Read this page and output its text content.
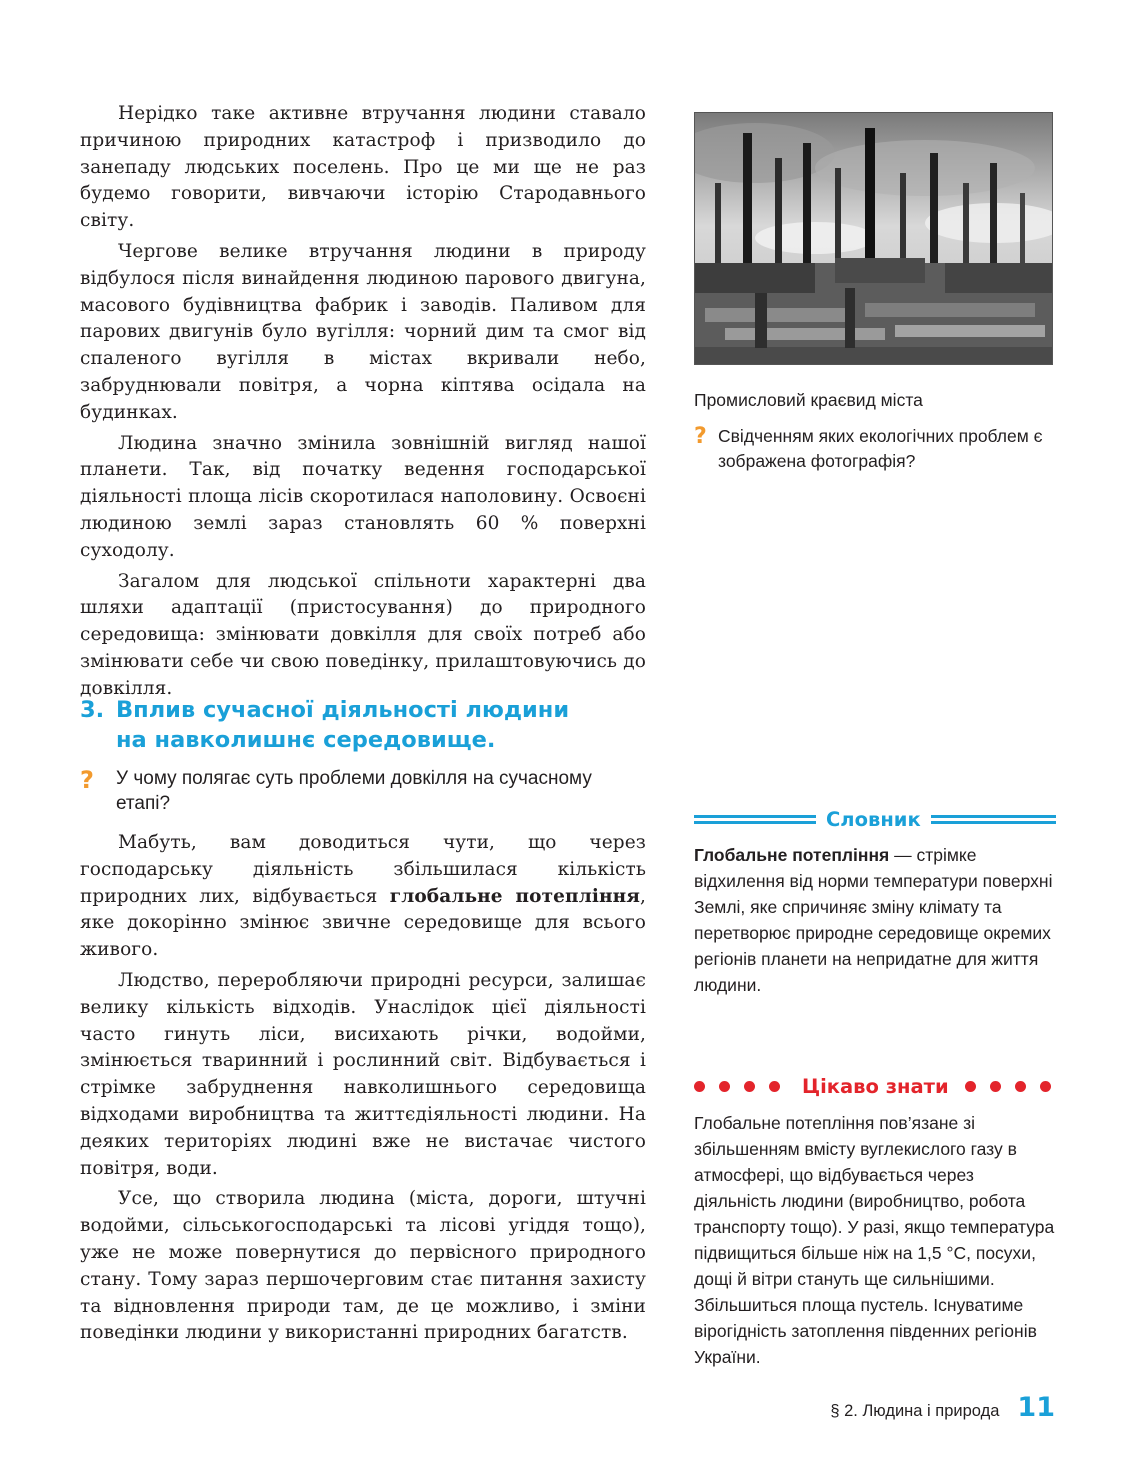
Нерідко таке активне втручання людини ставало причиною природних катастроф і призводило до занепаду людських поселень. Про це ми ще не раз будемо говорити, вивчаючи історію Стародавнього світу.

Чергове велике втручання людини в природу відбулося після винайдення людиною парового двигуна, масового будівництва фабрик і заводів. Паливом для парових двигунів було вугілля: чорний дим та смог від спаленого вугілля в містах вкривали небо, забруднювали повітря, а чорна кіптява осідала на будинках.

Людина значно змінила зовнішній вигляд нашої планети. Так, від початку ведення господарської діяльності площа лісів скоротилася наполовину. Освоєні людиною землі зараз становлять 60 % поверхні суходолу.

Загалом для людської спільноти характерні два шляхи адаптації (пристосування) до природного середовища: змінювати довкілля для своїх потреб або змінювати себе чи свою поведінку, прилаштовуючись до довкілля.

3. Вплив сучасної діяльності людини
на навколишнє середовище.
?	У чому полягає суть проблеми довкілля на сучасному етапі?

Мабуть, вам доводиться чути, що через господарську діяльність збільшилася кількість природних лих, відбувається глобальне потепління, яке докорінно змінює звичне середовище для всього живого.

Людство, переробляючи природні ресурси, залишає велику кількість відходів. Унаслідок цієї діяльності часто гинуть ліси, висихають річки, водойми, змінюється тваринний і рослинний світ. Відбувається і стрімке забруднення навколишнього середовища відходами виробництва та життєдіяльності людини. На деяких територіях людині вже не вистачає чистого повітря, води.

Усе, що створила людина (міста, дороги, штучні водойми, сільськогосподарські та лісові угіддя тощо), уже не може повернутися до первісного природного стану. Тому зараз першочерговим стає питання захисту та відновлення природи там, де це можливо, і зміни поведінки людини у використанні природних багатств.

Промисловий краєвид міста
? Свідченням яких екологічних проблем є зображена фотографія?
Словник
Глобальне потепління — стрімке відхилення від норми температури поверхні Землі, яке спричиняє зміну клімату та перетворює природне середовище окремих регіонів планети на непридатне для життя людини.
Цікаво знати
Глобальне потепління пов’язане зі збільшенням вмісту вуглекислого газу в атмосфері, що відбувається через діяльність людини (виробництво, робота транспорту тощо). У разі, якщо температура підвищиться більше ніж на 1,5 °C, посухи, дощі й вітри стануть ще сильнішими. Збільшиться площа пустель. Існуватиме вірогідність затоплення південних регіонів України.
§ 2. Людина і природа 11
